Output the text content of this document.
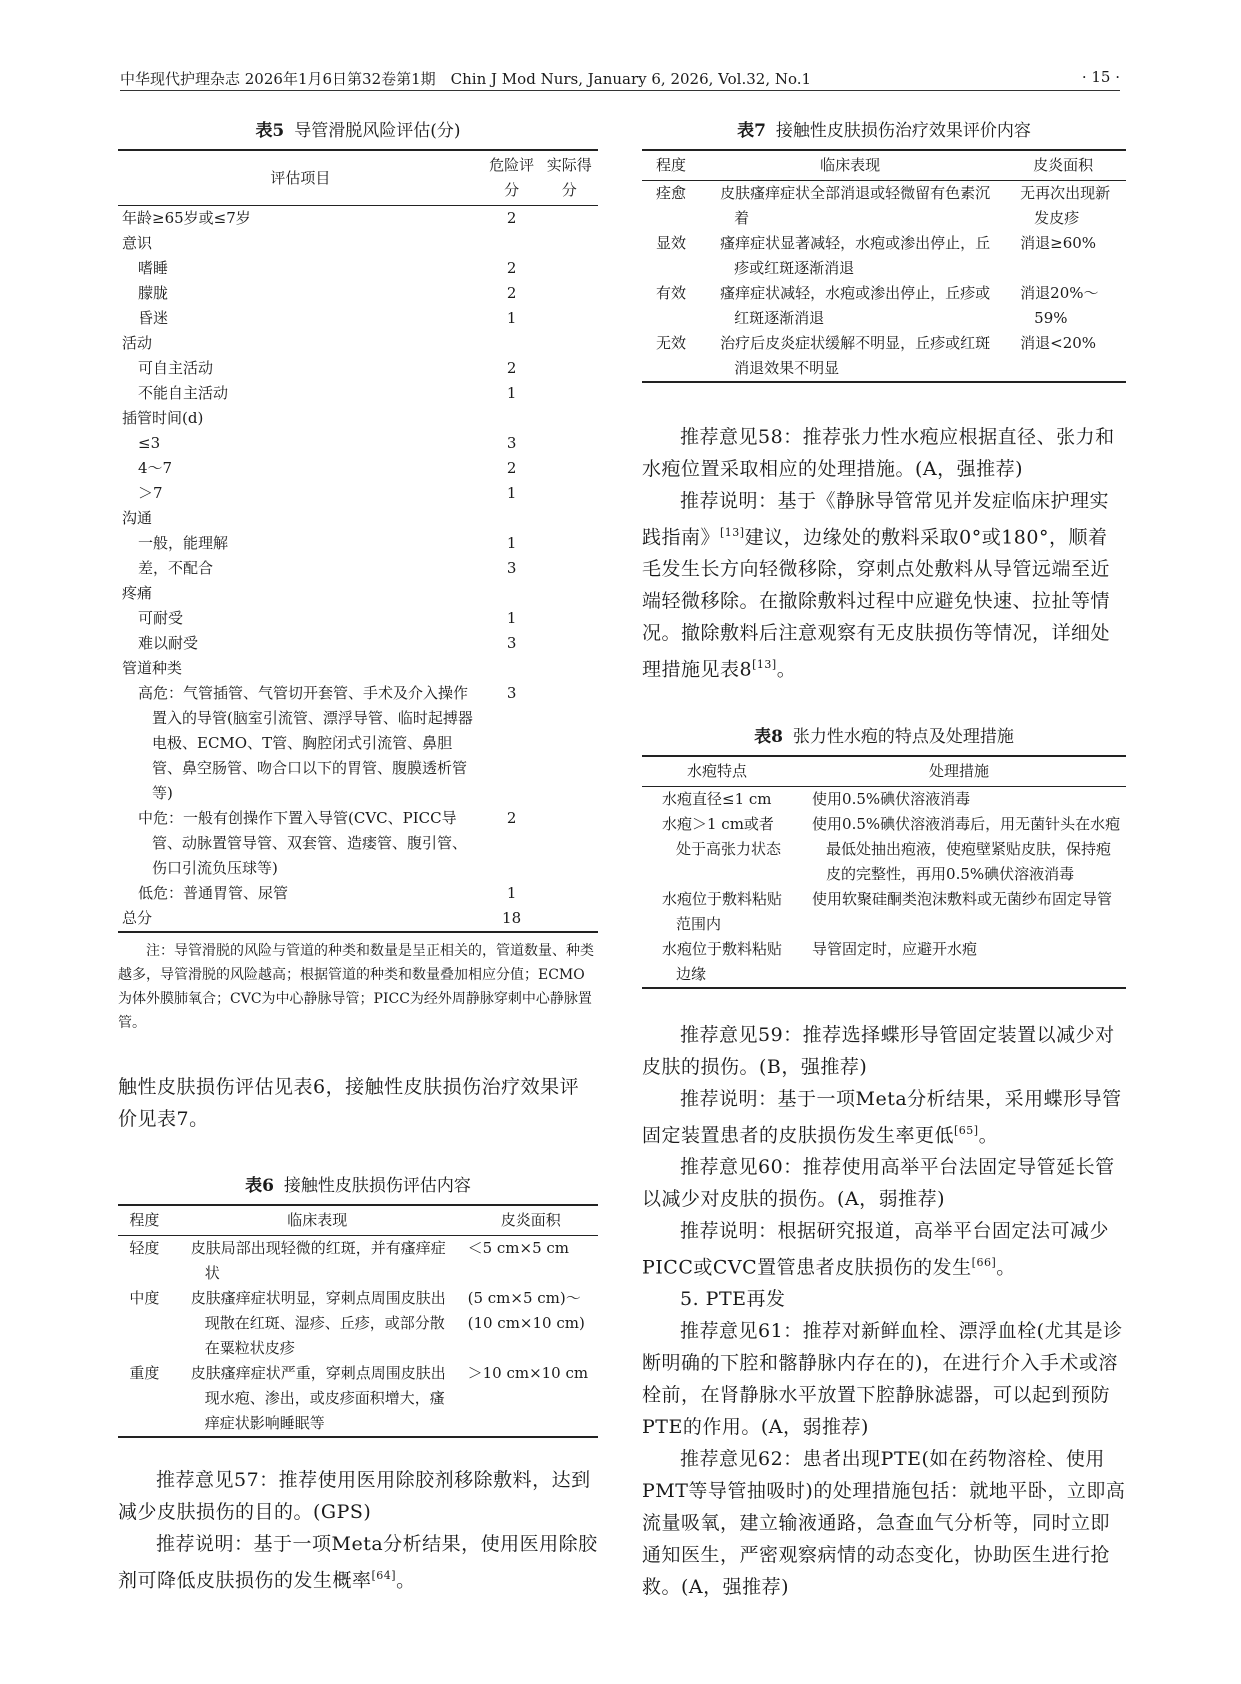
中华现代护理杂志 2026年1月6日第32卷第1期　Chin J Mod Nurs, January 6, 2026, Vol.32, No.1	· 15 ·
表5 导管滑脱风险评估(分)
评估项目	危险评分	实际得分
年龄≥65岁或≤7岁	2	
意识		
嗜睡	2	
朦胧	2	
昏迷	1	
活动		
可自主活动	2	
不能自主活动	1	
插管时间(d)		
≤3	3	
4～7	2	
＞7	1	
沟通		
一般，能理解	1	
差，不配合	3	
疼痛		
可耐受	1	
难以耐受	3	
管道种类		
高危：气管插管、气管切开套管、手术及介入操作置入的导管(脑室引流管、漂浮导管、临时起搏器电极、ECMO、T管、胸腔闭式引流管、鼻胆管、鼻空肠管、吻合口以下的胃管、腹膜透析管等)	3	
中危：一般有创操作下置入导管(CVC、PICC导管、动脉置管导管、双套管、造瘘管、腹引管、伤口引流负压球等)	2	
低危：普通胃管、尿管	1	
总分	18	

注：导管滑脱的风险与管道的种类和数量是呈正相关的，管道数量、种类越多，导管滑脱的风险越高；根据管道的种类和数量叠加相应分值；ECMO为体外膜肺氧合；CVC为中心静脉导管；PICC为经外周静脉穿刺中心静脉置管。

触性皮肤损伤评估见表6，接触性皮肤损伤治疗效果评价见表7。

表6 接触性皮肤损伤评估内容
程度	临床表现	皮炎面积
轻度	皮肤局部出现轻微的红斑，并有瘙痒症状	＜5 cm×5 cm
中度	皮肤瘙痒症状明显，穿刺点周围皮肤出现散在红斑、湿疹、丘疹，或部分散在粟粒状皮疹	(5 cm×5 cm)～(10 cm×10 cm)
重度	皮肤瘙痒症状严重，穿刺点周围皮肤出现水疱、渗出，或皮疹面积增大，瘙痒症状影响睡眠等	＞10 cm×10 cm

推荐意见57：推荐使用医用除胶剂移除敷料，达到减少皮肤损伤的目的。(GPS)

推荐说明：基于一项Meta分析结果，使用医用除胶剂可降低皮肤损伤的发生概率[64]。

表7 接触性皮肤损伤治疗效果评价内容
程度	临床表现	皮炎面积
痊愈	皮肤瘙痒症状全部消退或轻微留有色素沉着	无再次出现新发皮疹
显效	瘙痒症状显著减轻，水疱或渗出停止，丘疹或红斑逐渐消退	消退≥60%
有效	瘙痒症状减轻，水疱或渗出停止，丘疹或红斑逐渐消退	消退20%～59%
无效	治疗后皮炎症状缓解不明显，丘疹或红斑消退效果不明显	消退<20%

推荐意见58：推荐张力性水疱应根据直径、张力和水疱位置采取相应的处理措施。(A，强推荐)

推荐说明：基于《静脉导管常见并发症临床护理实践指南》[13]建议，边缘处的敷料采取0°或180°，顺着毛发生长方向轻微移除，穿刺点处敷料从导管远端至近端轻微移除。在撤除敷料过程中应避免快速、拉扯等情况。撤除敷料后注意观察有无皮肤损伤等情况，详细处理措施见表8[13]。

表8 张力性水疱的特点及处理措施
水疱特点	处理措施
水疱直径≤1 cm	使用0.5%碘伏溶液消毒
水疱＞1 cm或者处于高张力状态	使用0.5%碘伏溶液消毒后，用无菌针头在水疱最低处抽出疱液，使疱壁紧贴皮肤，保持疱皮的完整性，再用0.5%碘伏溶液消毒
水疱位于敷料粘贴范围内	使用软聚硅酮类泡沫敷料或无菌纱布固定导管
水疱位于敷料粘贴边缘	导管固定时，应避开水疱

推荐意见59：推荐选择蝶形导管固定装置以减少对皮肤的损伤。(B，强推荐)

推荐说明：基于一项Meta分析结果，采用蝶形导管固定装置患者的皮肤损伤发生率更低[65]。

推荐意见60：推荐使用高举平台法固定导管延长管以减少对皮肤的损伤。(A，弱推荐)

推荐说明：根据研究报道，高举平台固定法可减少PICC或CVC置管患者皮肤损伤的发生[66]。

5. PTE再发

推荐意见61：推荐对新鲜血栓、漂浮血栓(尤其是诊断明确的下腔和髂静脉内存在的)，在进行介入手术或溶栓前，在肾静脉水平放置下腔静脉滤器，可以起到预防PTE的作用。(A，弱推荐)

推荐意见62：患者出现PTE(如在药物溶栓、使用PMT等导管抽吸时)的处理措施包括：就地平卧，立即高流量吸氧，建立输液通路，急查血气分析等，同时立即通知医生，严密观察病情的动态变化，协助医生进行抢救。(A，强推荐)
